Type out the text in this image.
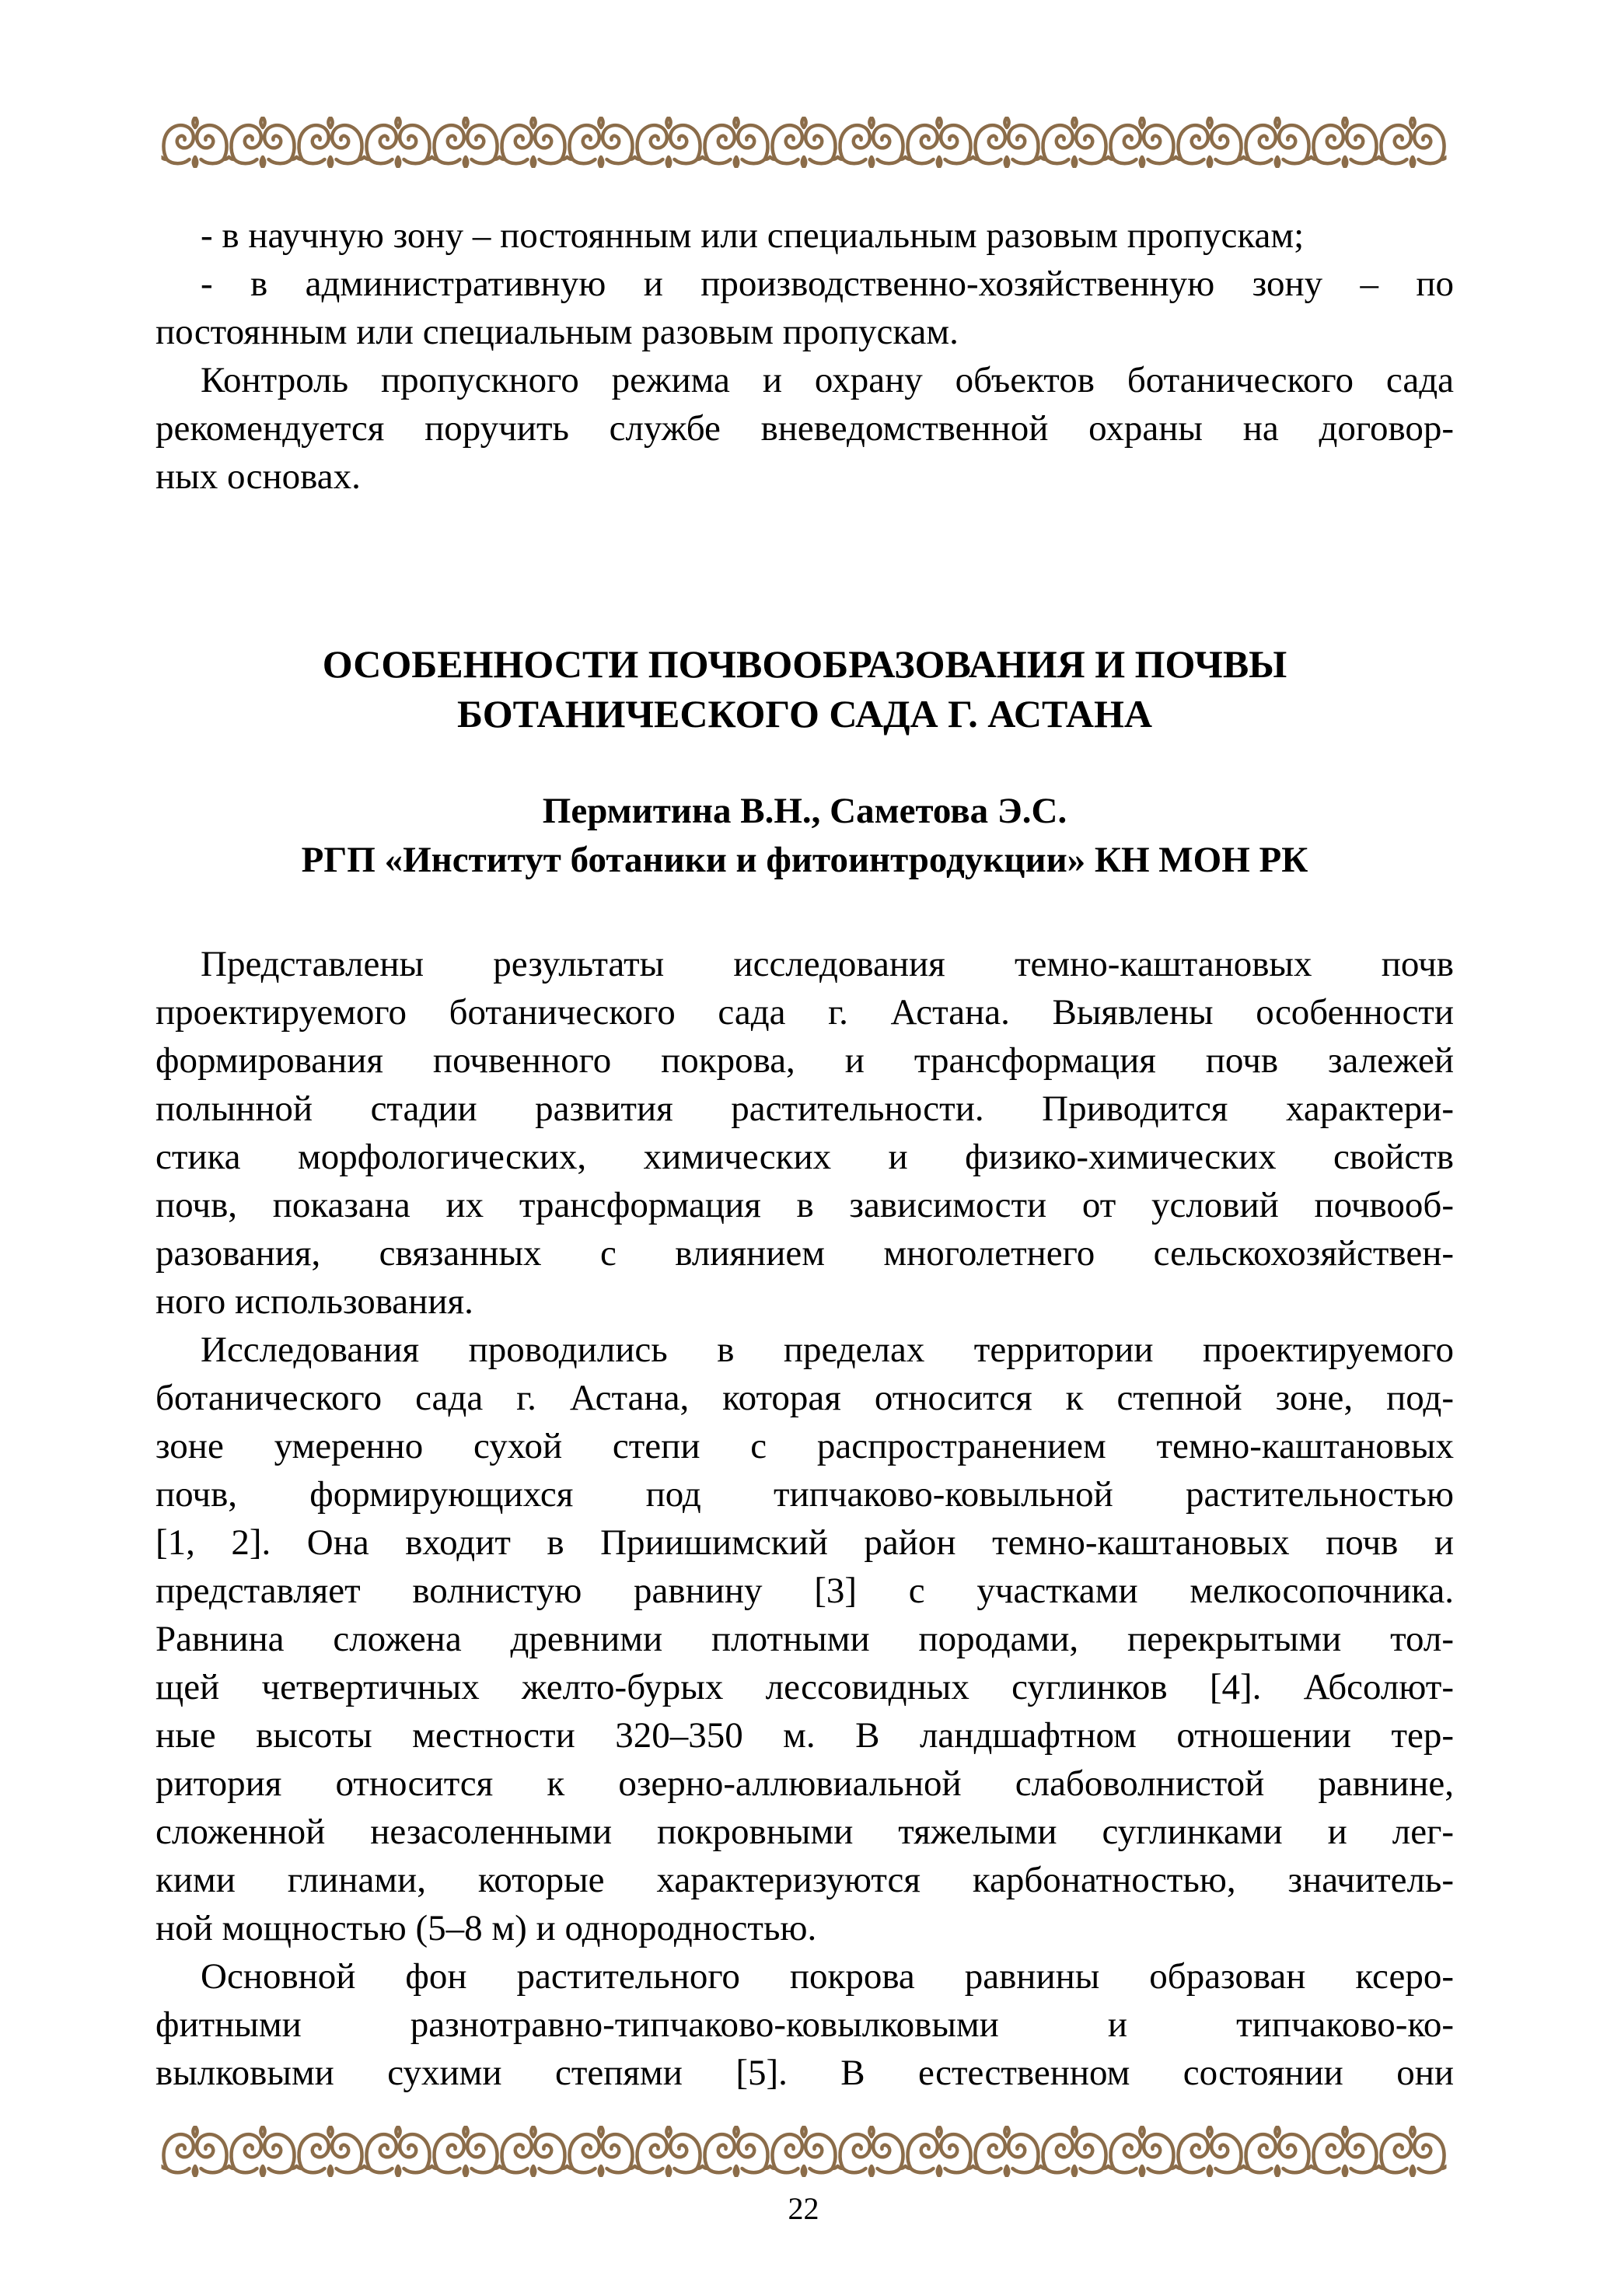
- в научную зону – постоянным или специальным разовым пропускам;
- в административную и производственно-хозяйственную зону – по
постоянным или специальным разовым пропускам.
Контроль пропускного режима и охрану объектов ботанического сада
рекомендуется поручить службе вневедомственной охраны на договор-
ных основах.
ОСОБЕННОСТИ ПОЧВООБРАЗОВАНИЯ И ПОЧВЫ
БОТАНИЧЕСКОГО САДА Г. АСТАНА
Пермитина В.Н., Саметова Э.С.
РГП «Институт ботаники и фитоинтродукции» КН МОН РК
Представлены результаты исследования темно-каштановых почв
проектируемого ботанического сада г. Астана. Выявлены особенности
формирования почвенного покрова, и трансформация почв залежей
полынной стадии развития растительности. Приводится характери-
стика морфологических, химических и физико-химических свойств
почв, показана их трансформация в зависимости от условий почвооб-
разования, связанных с влиянием многолетнего сельскохозяйствен-
ного использования.
Исследования проводились в пределах территории проектируемого
ботанического сада г. Астана, которая относится к степной зоне, под-
зоне умеренно сухой степи с распространением темно-каштановых
почв, формирующихся под типчаково-ковыльной растительностью
[1, 2]. Она входит в Приишимский район темно-каштановых почв и
представляет волнистую равнину [3] с участками мелкосопочника.
Равнина сложена древними плотными породами, перекрытыми тол-
щей четвертичных желто-бурых лессовидных суглинков [4]. Абсолют-
ные высоты местности 320–350 м. В ландшафтном отношении тер-
ритория относится к озерно-аллювиальной слабоволнистой равнине,
сложенной незасоленными покровными тяжелыми суглинками и лег-
кими глинами, которые характеризуются карбонатностью, значитель-
ной мощностью (5–8 м) и однородностью.
Основной фон растительного покрова равнины образован ксеро-
фитными разнотравно-типчаково-ковылковыми и типчаково-ко-
вылковыми сухими степями [5]. В естественном состоянии они
22
